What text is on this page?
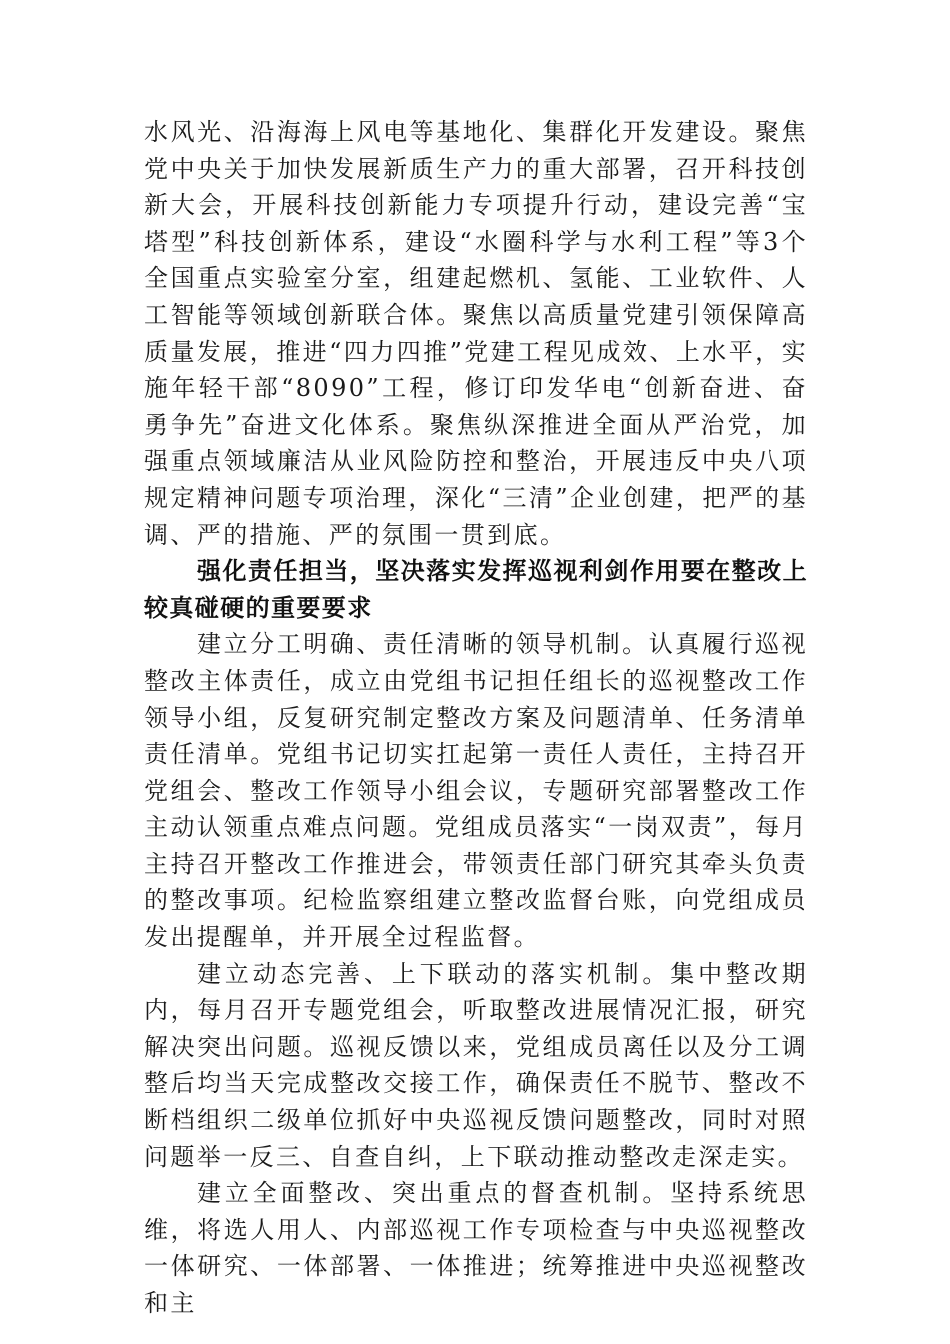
水风光、沿海海上风电等基地化、集群化开发建设。聚焦党中央关于加快发展新质生产力的重大部署，召开科技创新大会，开展科技创新能力专项提升行动，建设完善“宝塔型”科技创新体系，建设“水圈科学与水利工程”等3个全国重点实验室分室，组建起燃机、氢能、工业软件、人工智能等领域创新联合体。聚焦以高质量党建引领保障高质量发展，推进“四力四推”党建工程见成效、上水平，实施年轻干部“8090”工程，修订印发华电“创新奋进、奋勇争先”奋进文化体系。聚焦纵深推进全面从严治党，加强重点领域廉洁从业风险防控和整治，开展违反中央八项规定精神问题专项治理，深化“三清”企业创建，把严的基调、严的措施、严的氛围一贯到底。

强化责任担当，坚决落实发挥巡视利剑作用要在整改上较真碰硬的重要要求

建立分工明确、责任清晰的领导机制。认真履行巡视整改主体责任，成立由党组书记担任组长的巡视整改工作领导小组，反复研究制定整改方案及问题清单、任务清单责任清单。党组书记切实扛起第一责任人责任，主持召开党组会、整改工作领导小组会议，专题研究部署整改工作主动认领重点难点问题。党组成员落实“一岗双责”，每月主持召开整改工作推进会，带领责任部门研究其牵头负责的整改事项。纪检监察组建立整改监督台账，向党组成员发出提醒单，并开展全过程监督。

建立动态完善、上下联动的落实机制。集中整改期内，每月召开专题党组会，听取整改进展情况汇报，研究解决突出问题。巡视反馈以来，党组成员离任以及分工调整后均当天完成整改交接工作，确保责任不脱节、整改不断档组织二级单位抓好中央巡视反馈问题整改，同时对照问题举一反三、自查自纠，上下联动推动整改走深走实。

建立全面整改、突出重点的督查机制。坚持系统思维，将选人用人、内部巡视工作专项检查与中央巡视整改一体研究、一体部署、一体推进；统筹推进中央巡视整改和主
